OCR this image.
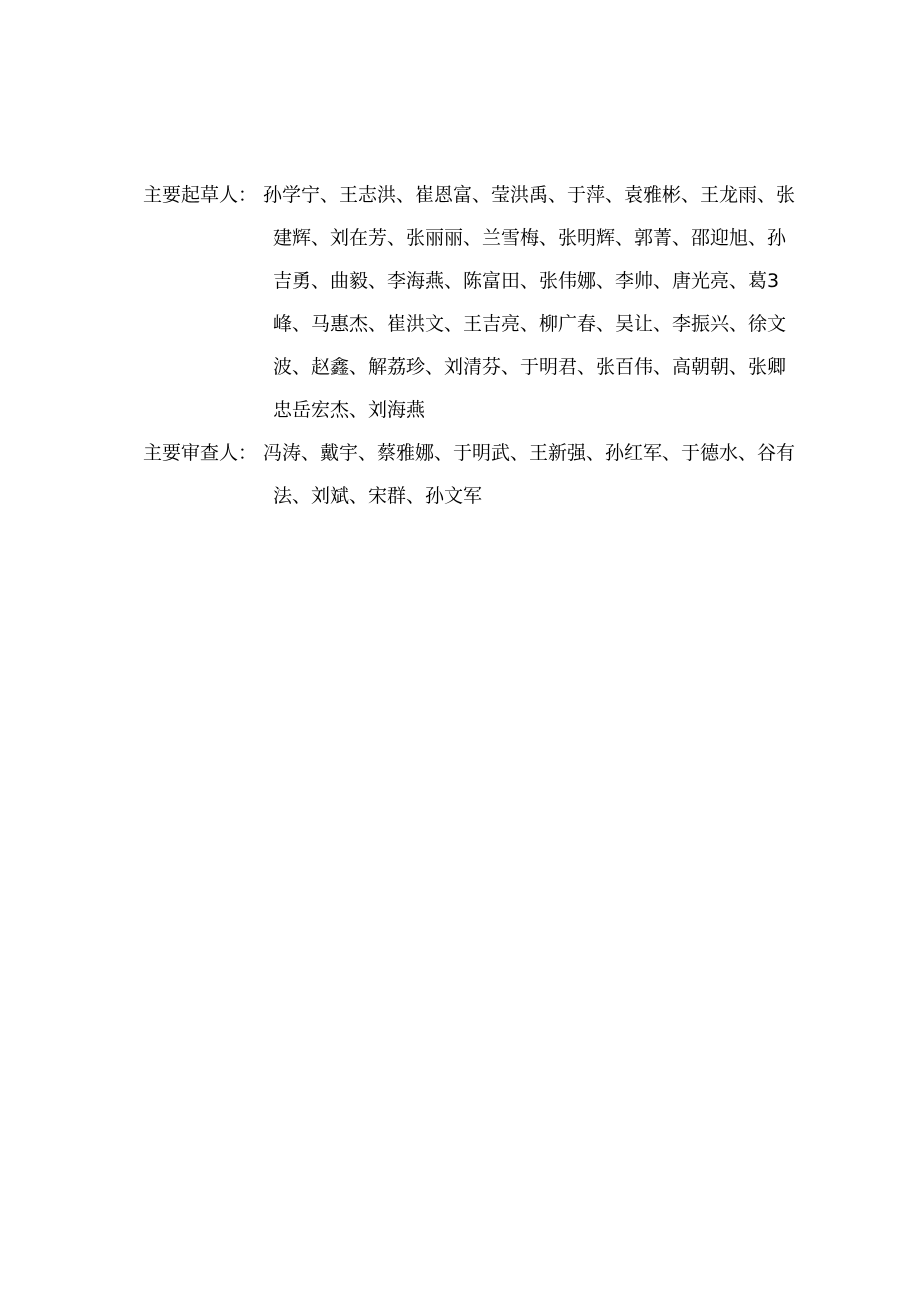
主要起草人： 孙学宁、王志洪、崔恩富、莹洪禹、于萍、袁雅彬、王龙雨、张
建辉、刘在芳、张丽丽、兰雪梅、张明辉、郭菁、邵迎旭、孙
吉勇、曲毅、李海燕、陈富田、张伟娜、李帅、唐光亮、葛3
峰、马惠杰、崔洪文、王吉亮、柳广春、吴让、李振兴、徐文
波、赵鑫、解荔珍、刘清芬、于明君、张百伟、高朝朝、张卿
忠岳宏杰、刘海燕
主要审查人： 冯涛、戴宇、蔡雅娜、于明武、王新强、孙红军、于德水、谷有
法、刘斌、宋群、孙文军
